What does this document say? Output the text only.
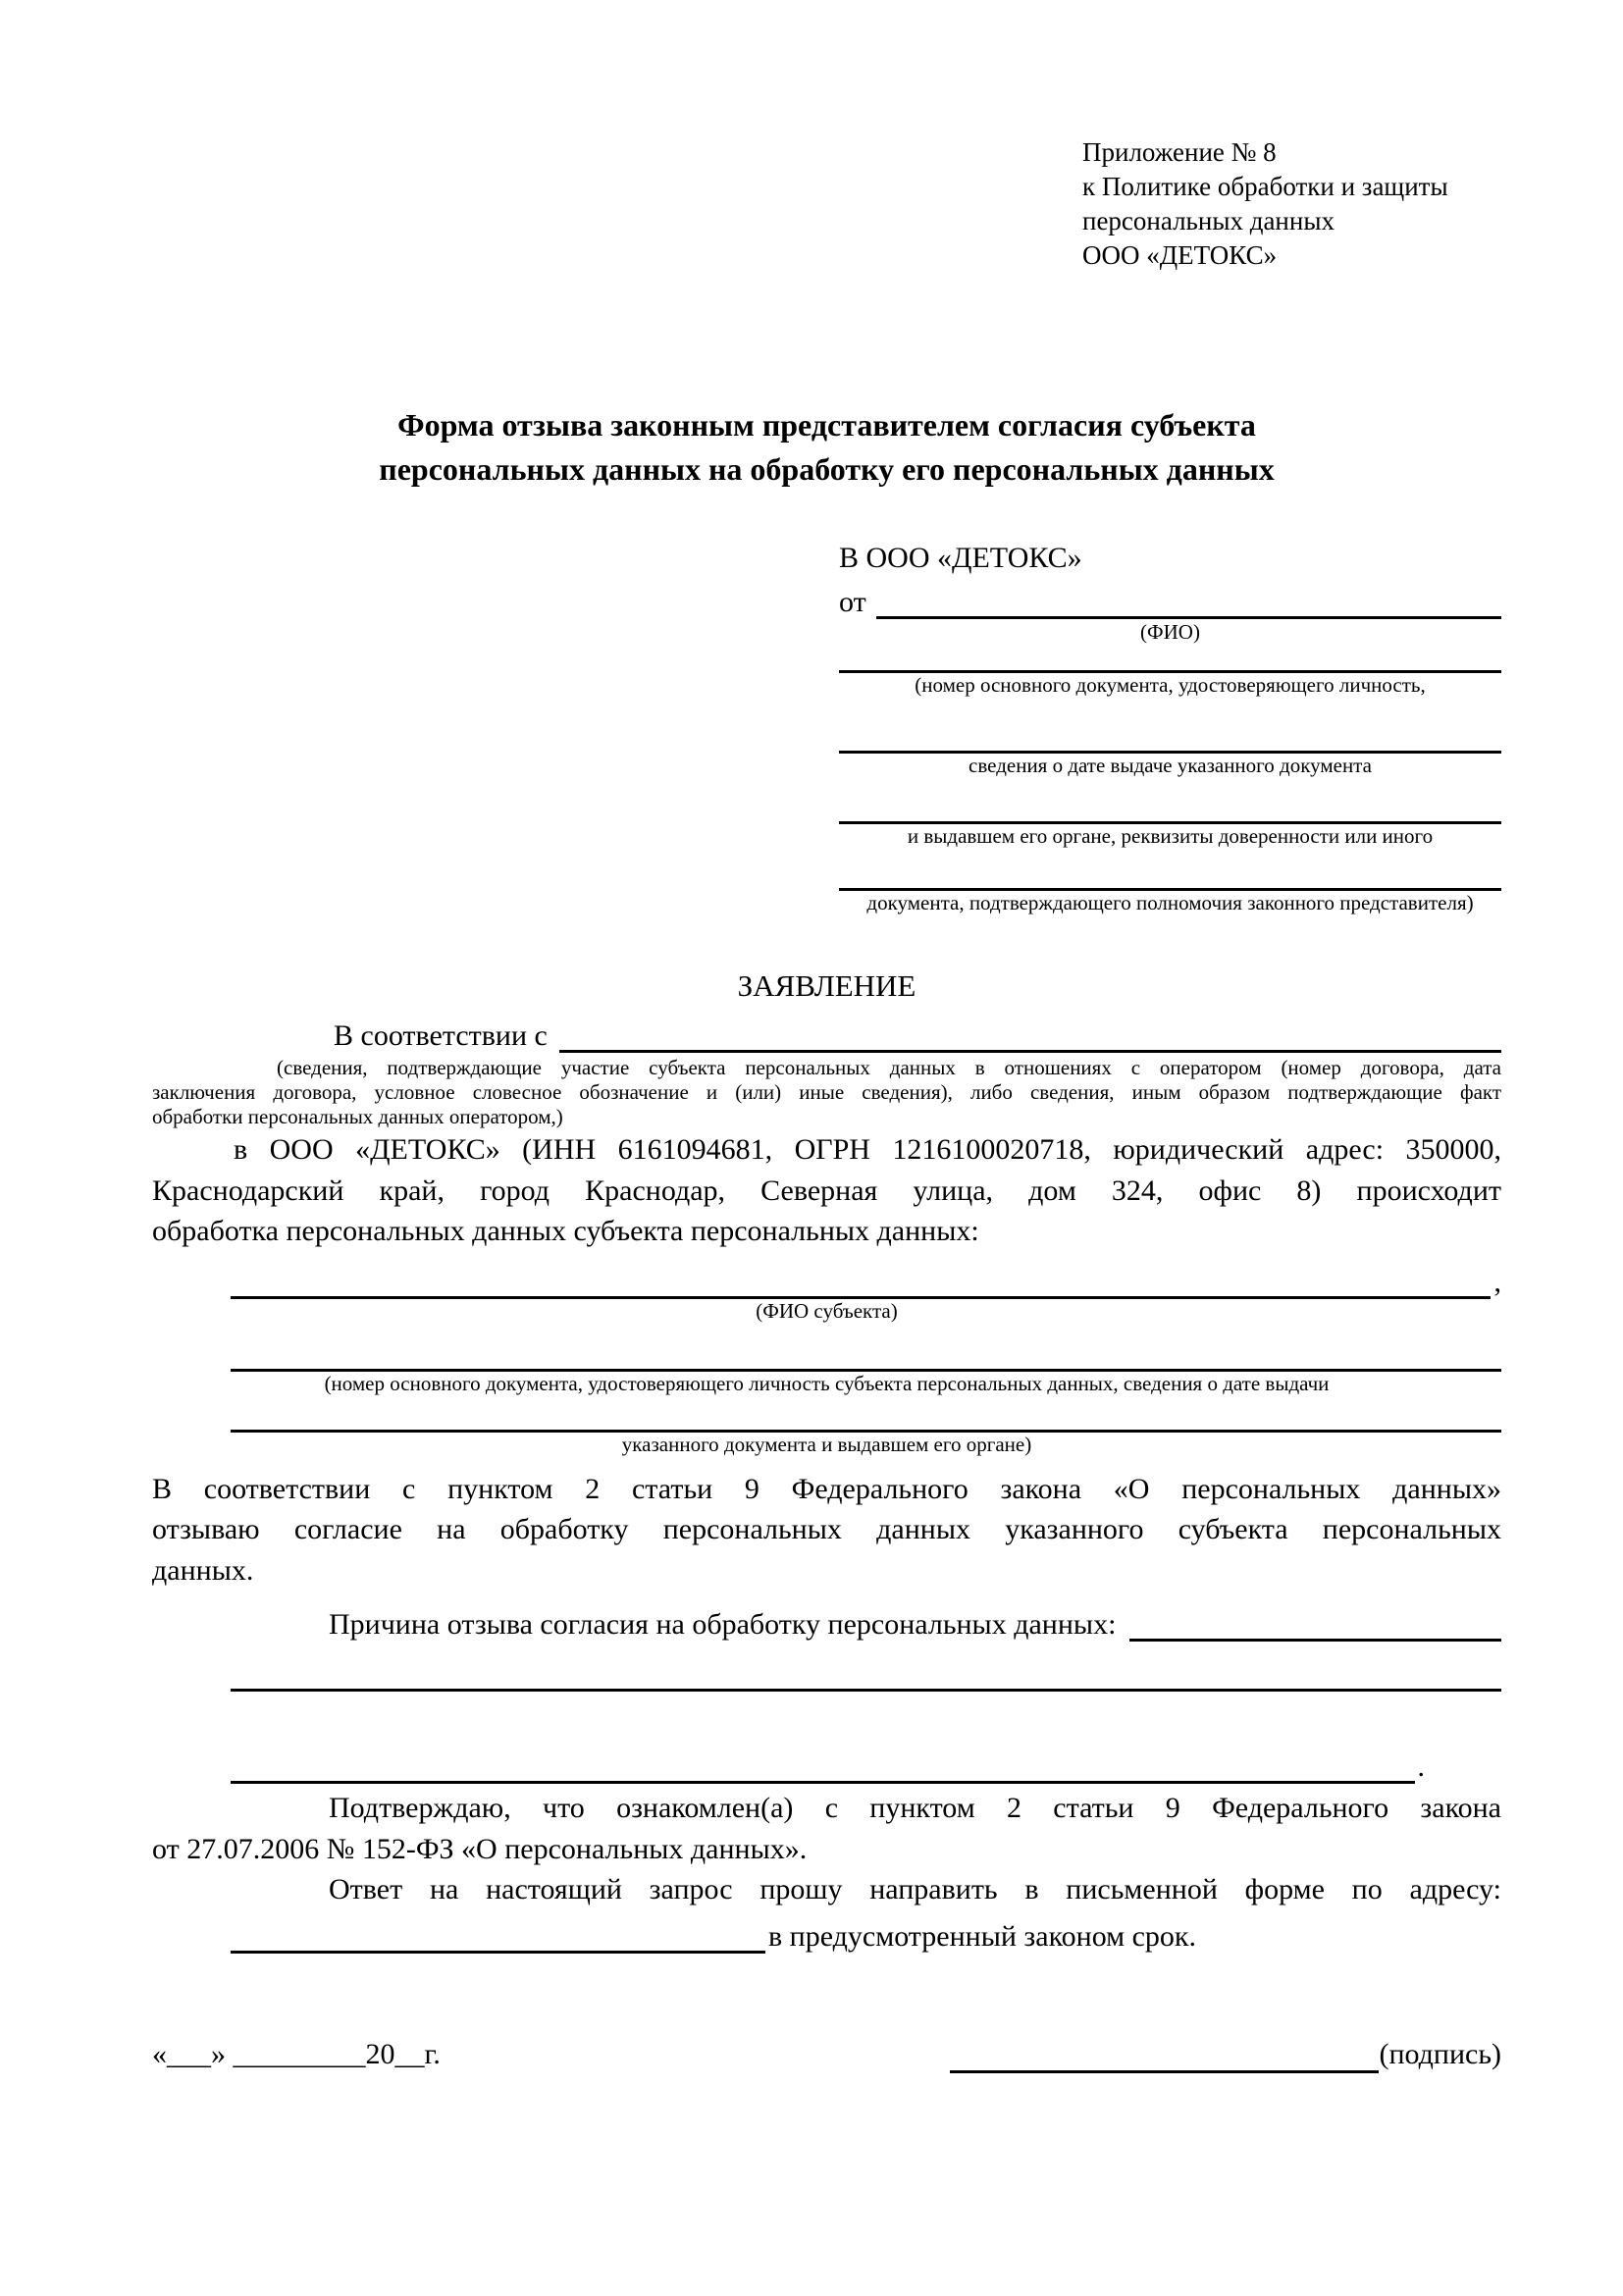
Приложение № 8
к Политике обработки и защиты
персональных данных
ООО «ДЕТОКС»
Форма отзыва законным представителем согласия субъекта
персональных данных на обработку его персональных данных
В ООО «ДЕТОКС»
от
(ФИО)
(номер основного документа, удостоверяющего личность,
сведения о дате выдаче указанного документа
и выдавшем его органе, реквизиты доверенности или иного
документа, подтверждающего полномочия законного представителя)
ЗАЯВЛЕНИЕ
В соответствии с
(сведения, подтверждающие участие субъекта персональных данных в отношениях с оператором (номер договора, дата
заключения договора, условное словесное обозначение и (или) иные сведения), либо сведения, иным образом подтверждающие факт
обработки персональных данных оператором,)
в ООО «ДЕТОКС» (ИНН 6161094681, ОГРН 1216100020718, юридический адрес: 350000,
Краснодарский край, город Краснодар, Северная улица, дом 324, офис 8) происходит
обработка персональных данных субъекта персональных данных:
,
(ФИО субъекта)
(номер основного документа, удостоверяющего личность субъекта персональных данных, сведения о дате выдачи
указанного документа и выдавшем его органе)
В соответствии с пунктом 2 статьи 9 Федерального закона «О персональных данных»
отзываю согласие на обработку персональных данных указанного субъекта персональных
данных.
Причина отзыва согласия на обработку персональных данных:
.
Подтверждаю, что ознакомлен(а) с пунктом 2 статьи 9 Федерального закона
от 27.07.2006 № 152-ФЗ «О персональных данных».
Ответ на настоящий запрос прошу направить в письменной форме по адресу:
в предусмотренный законом срок.
«___» _________20__г.	(подпись)
